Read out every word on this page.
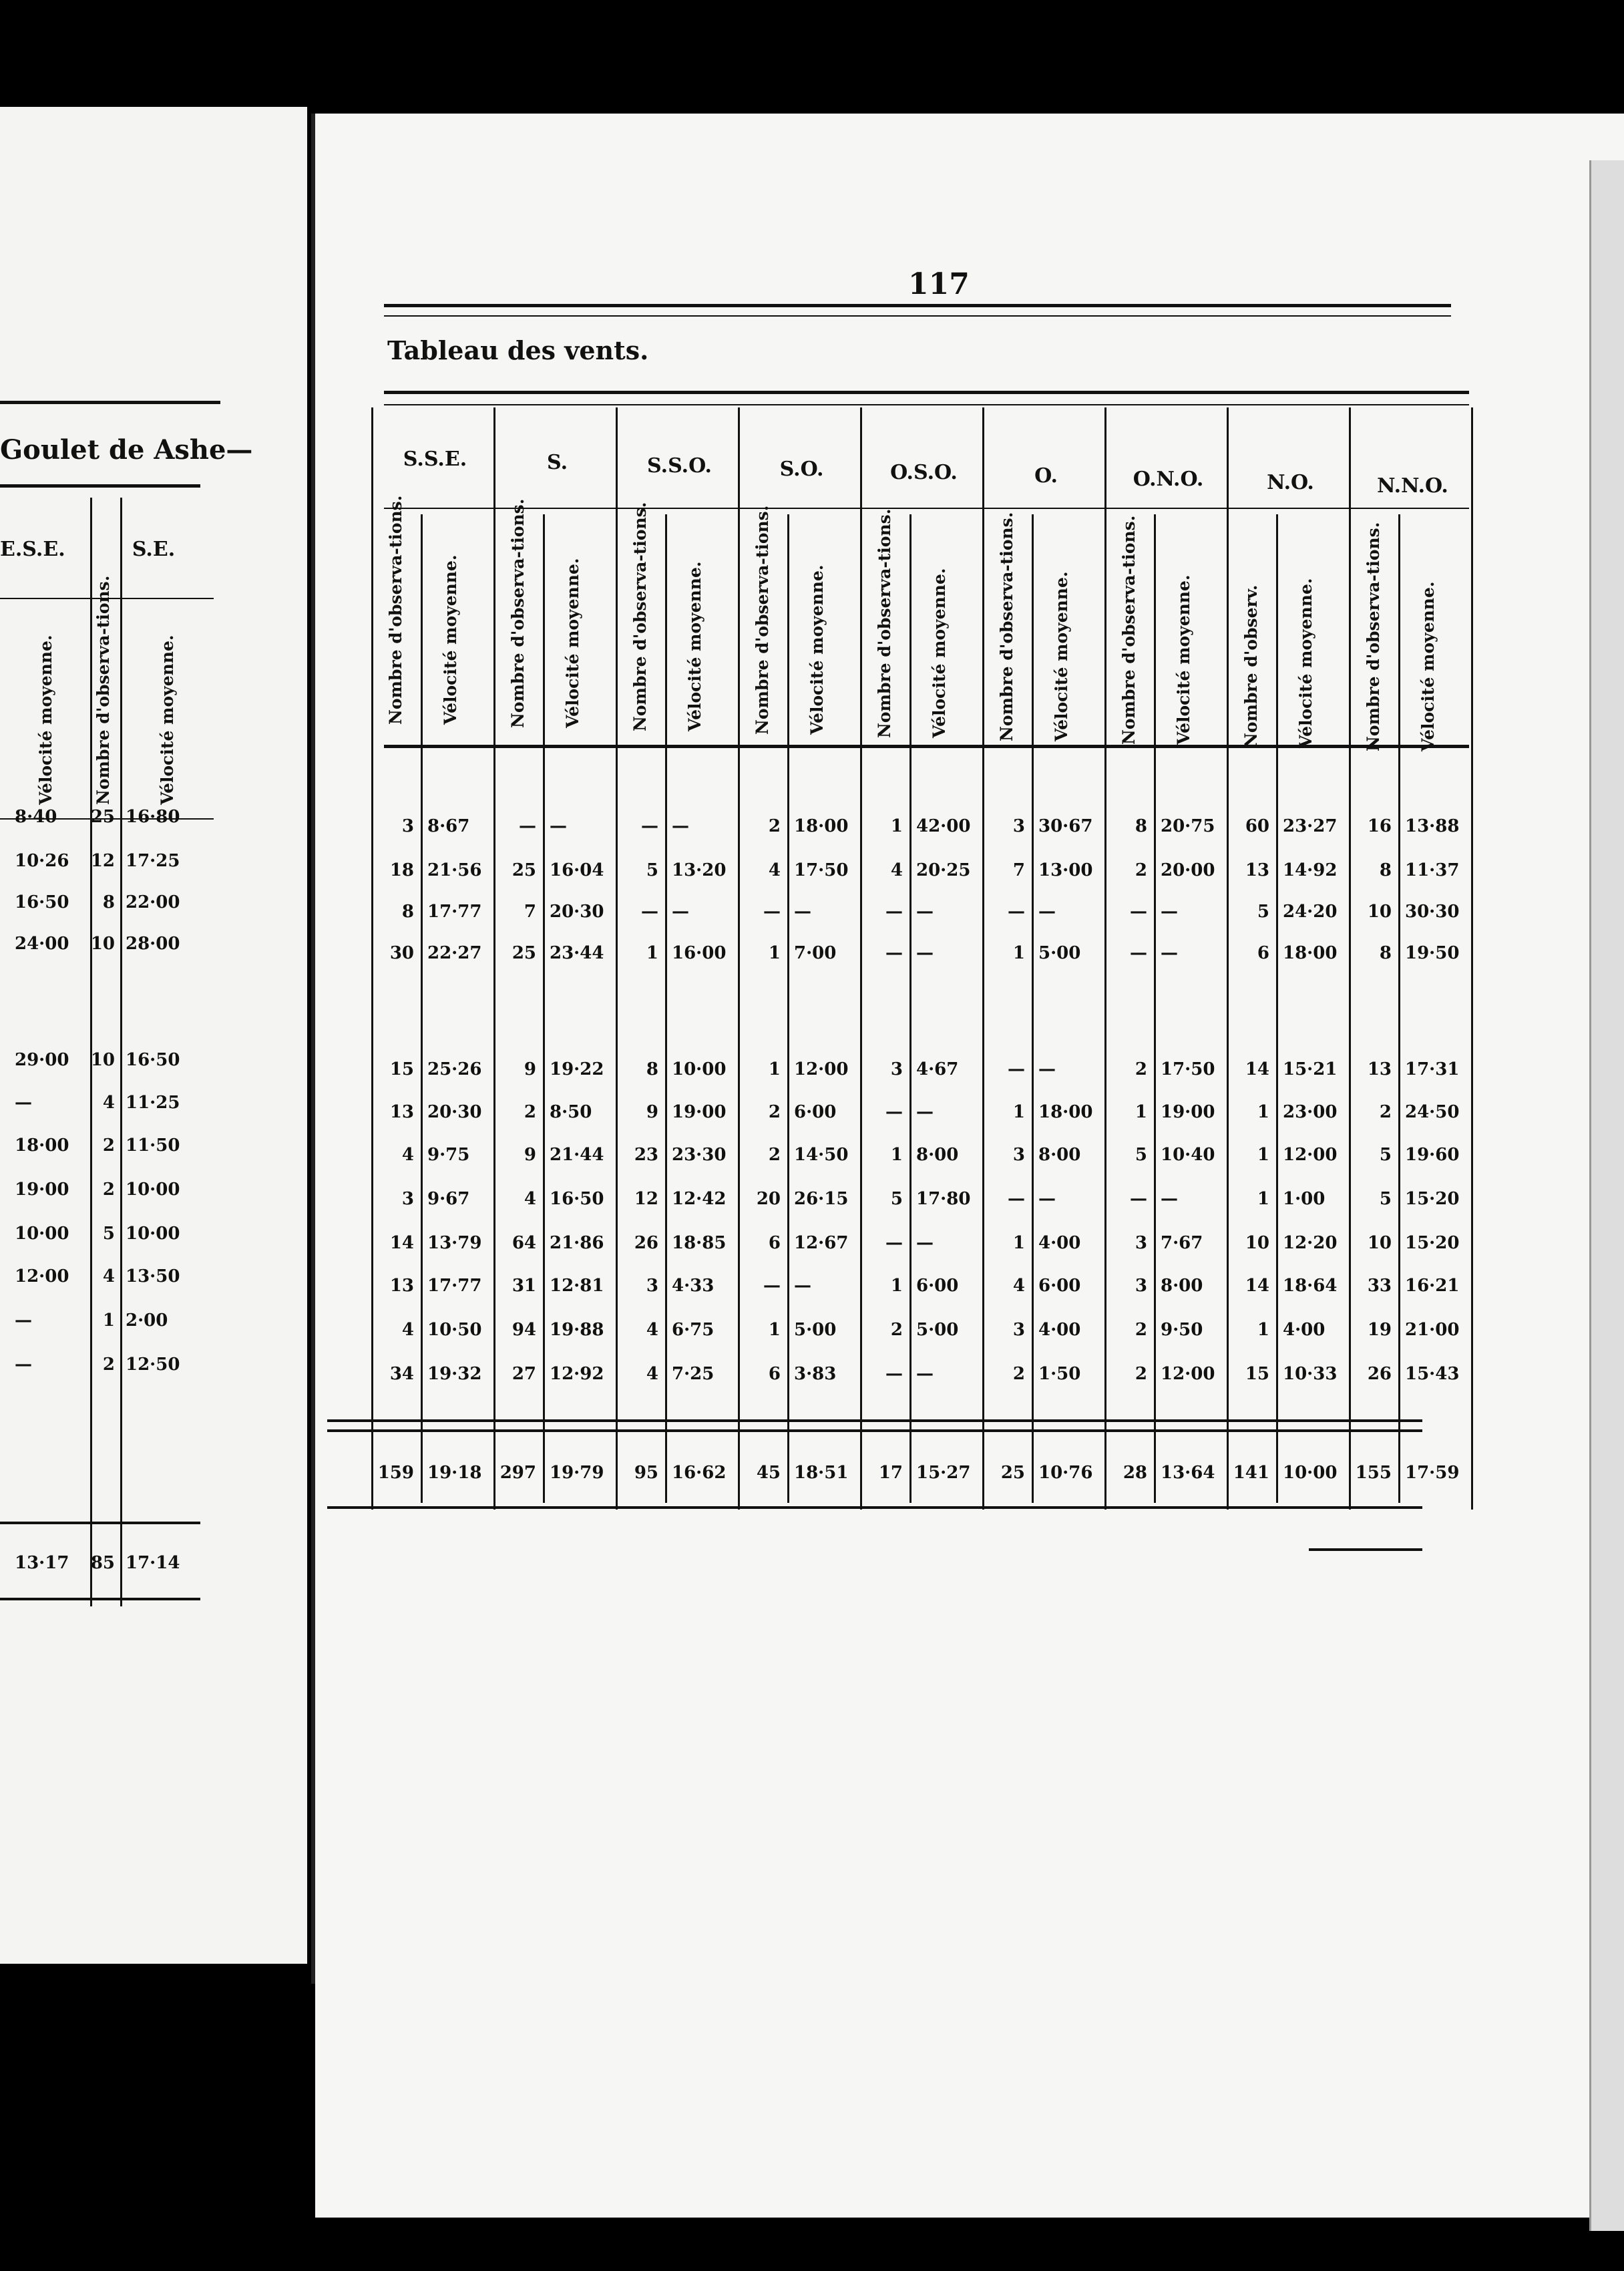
Goulet de Ashe—
E.S.E.	S.E.
Vélocité moyenne. Nombre d'observa-tions.	Vélocité moyenne.
8·40	25 16·80
10·26	12 17·25
16·50	8 22·00
24·00	10 28·00
29·00	10 16·50
—	4 11·25
18·00	2 11·50
19·00	2 10·00
10·00	5 10·00
12·00	4 13·50
—	1 2·00
—	2 12·50
13·17	85 17·14
117
Tableau des vents.
S.S.E.
Nombre d'observa-tions. Vélocité moyenne.
S.
Nombre d'observa-tions. Vélocité moyenne.
S.S.O.
Nombre d'observa-tions. Vélocité moyenne.
S.O.
Nombre d'observa-tions. Vélocité moyenne.
O.S.O.
Nombre d'observa-tions. Vélocité moyenne.
O.
Nombre d'observa-tions. Vélocité moyenne.
O.N.O.
Nombre d'observa-tions. Vélocité moyenne.
N.O.
Nombre d'observ. Vélocité moyenne.
N.N.O.
Nombre d'observa-tions. Vélocité moyenne.
3 8·67	— —	— —	2 18·00	1 42·00	3 30·67	8 20·75	60 23·27	16 13·88
18 21·56	25 16·04	5 13·20	4 17·50	4 20·25	7 13·00	2 20·00	13 14·92	8 11·37
8 17·77	7 20·30	— —	— —	— —	— —	— —	5 24·20	10 30·30
30 22·27	25 23·44	1 16·00	1 7·00	— —	1 5·00	— —	6 18·00	8 19·50
15 25·26	9 19·22	8 10·00	1 12·00	3 4·67	— —	2 17·50	14 15·21	13 17·31
13 20·30	2 8·50	9 19·00	2 6·00	— —	1 18·00	1 19·00	1 23·00	2 24·50
4 9·75	9 21·44	23 23·30	2 14·50	1 8·00	3 8·00	5 10·40	1 12·00	5 19·60
3 9·67	4 16·50	12 12·42	20 26·15	5 17·80	— —	— —	1 1·00	5 15·20
14 13·79	64 21·86	26 18·85	6 12·67	— —	1 4·00	3 7·67	10 12·20	10 15·20
13 17·77	31 12·81	3 4·33	— —	1 6·00	4 6·00	3 8·00	14 18·64	33 16·21
4 10·50	94 19·88	4 6·75	1 5·00	2 5·00	3 4·00	2 9·50	1 4·00	19 21·00
34 19·32	27 12·92	4 7·25	6 3·83	— —	2 1·50	2 12·00	15 10·33	26 15·43
159 19·18	297 19·79	95 16·62	45 18·51	17 15·27	25 10·76	28 13·64	141 10·00	155 17·59
